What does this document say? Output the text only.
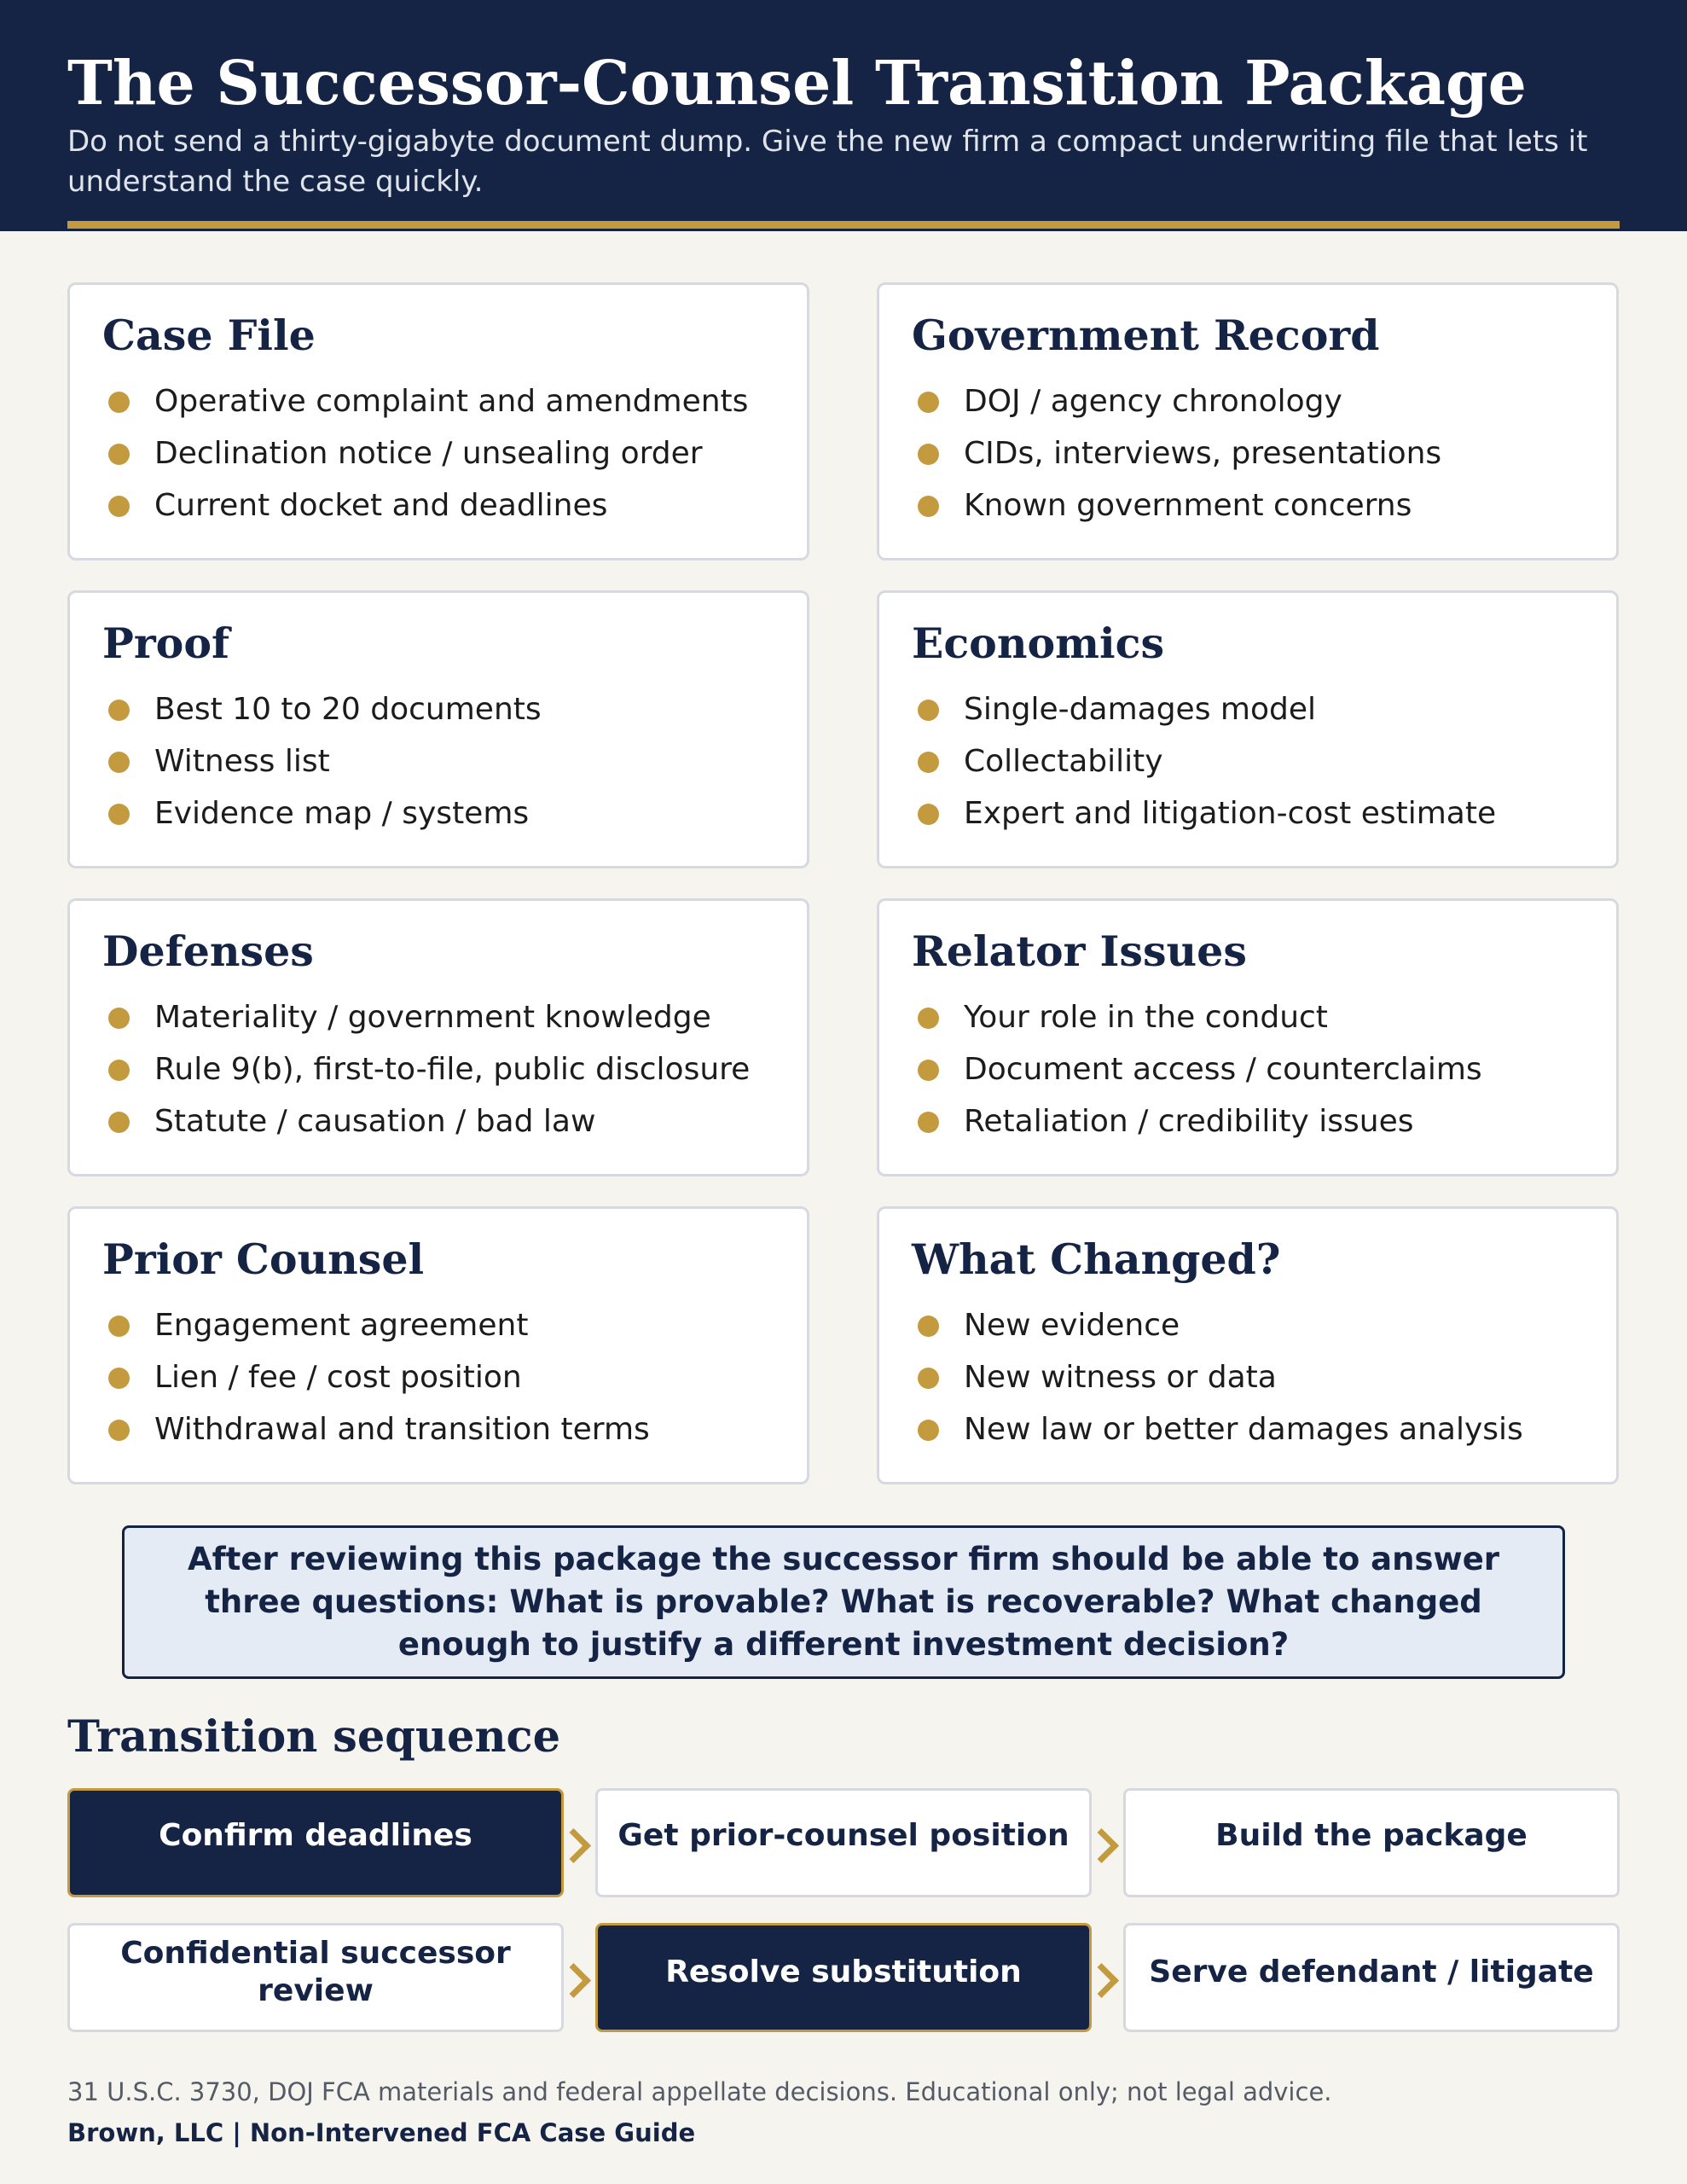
The Successor-Counsel Transition Package

Do not send a thirty-gigabyte document dump. Give the new firm a compact underwriting file that lets it understand the case quickly.

Case File
Operative complaint and amendments
Declination notice / unsealing order
Current docket and deadlines
Government Record
DOJ / agency chronology
CIDs, interviews, presentations
Known government concerns
Proof
Best 10 to 20 documents
Witness list
Evidence map / systems
Economics
Single-damages model
Collectability
Expert and litigation-cost estimate
Defenses
Materiality / government knowledge
Rule 9(b), first-to-file, public disclosure
Statute / causation / bad law
Relator Issues
Your role in the conduct
Document access / counterclaims
Retaliation / credibility issues
Prior Counsel
Engagement agreement
Lien / fee / cost position
Withdrawal and transition terms
What Changed?
New evidence
New witness or data
New law or better damages analysis

After reviewing this package the successor firm should be able to answer three questions: What is provable? What is recoverable? What changed enough to justify a different investment decision?

Transition sequence
Confirm deadlines	Get prior-counsel position	Build the package
Confidential successor review
Resolve substitution	Serve defendant / litigate

31 U.S.C. 3730, DOJ FCA materials and federal appellate decisions. Educational only; not legal advice.

Brown, LLC | Non-Intervened FCA Case Guide
